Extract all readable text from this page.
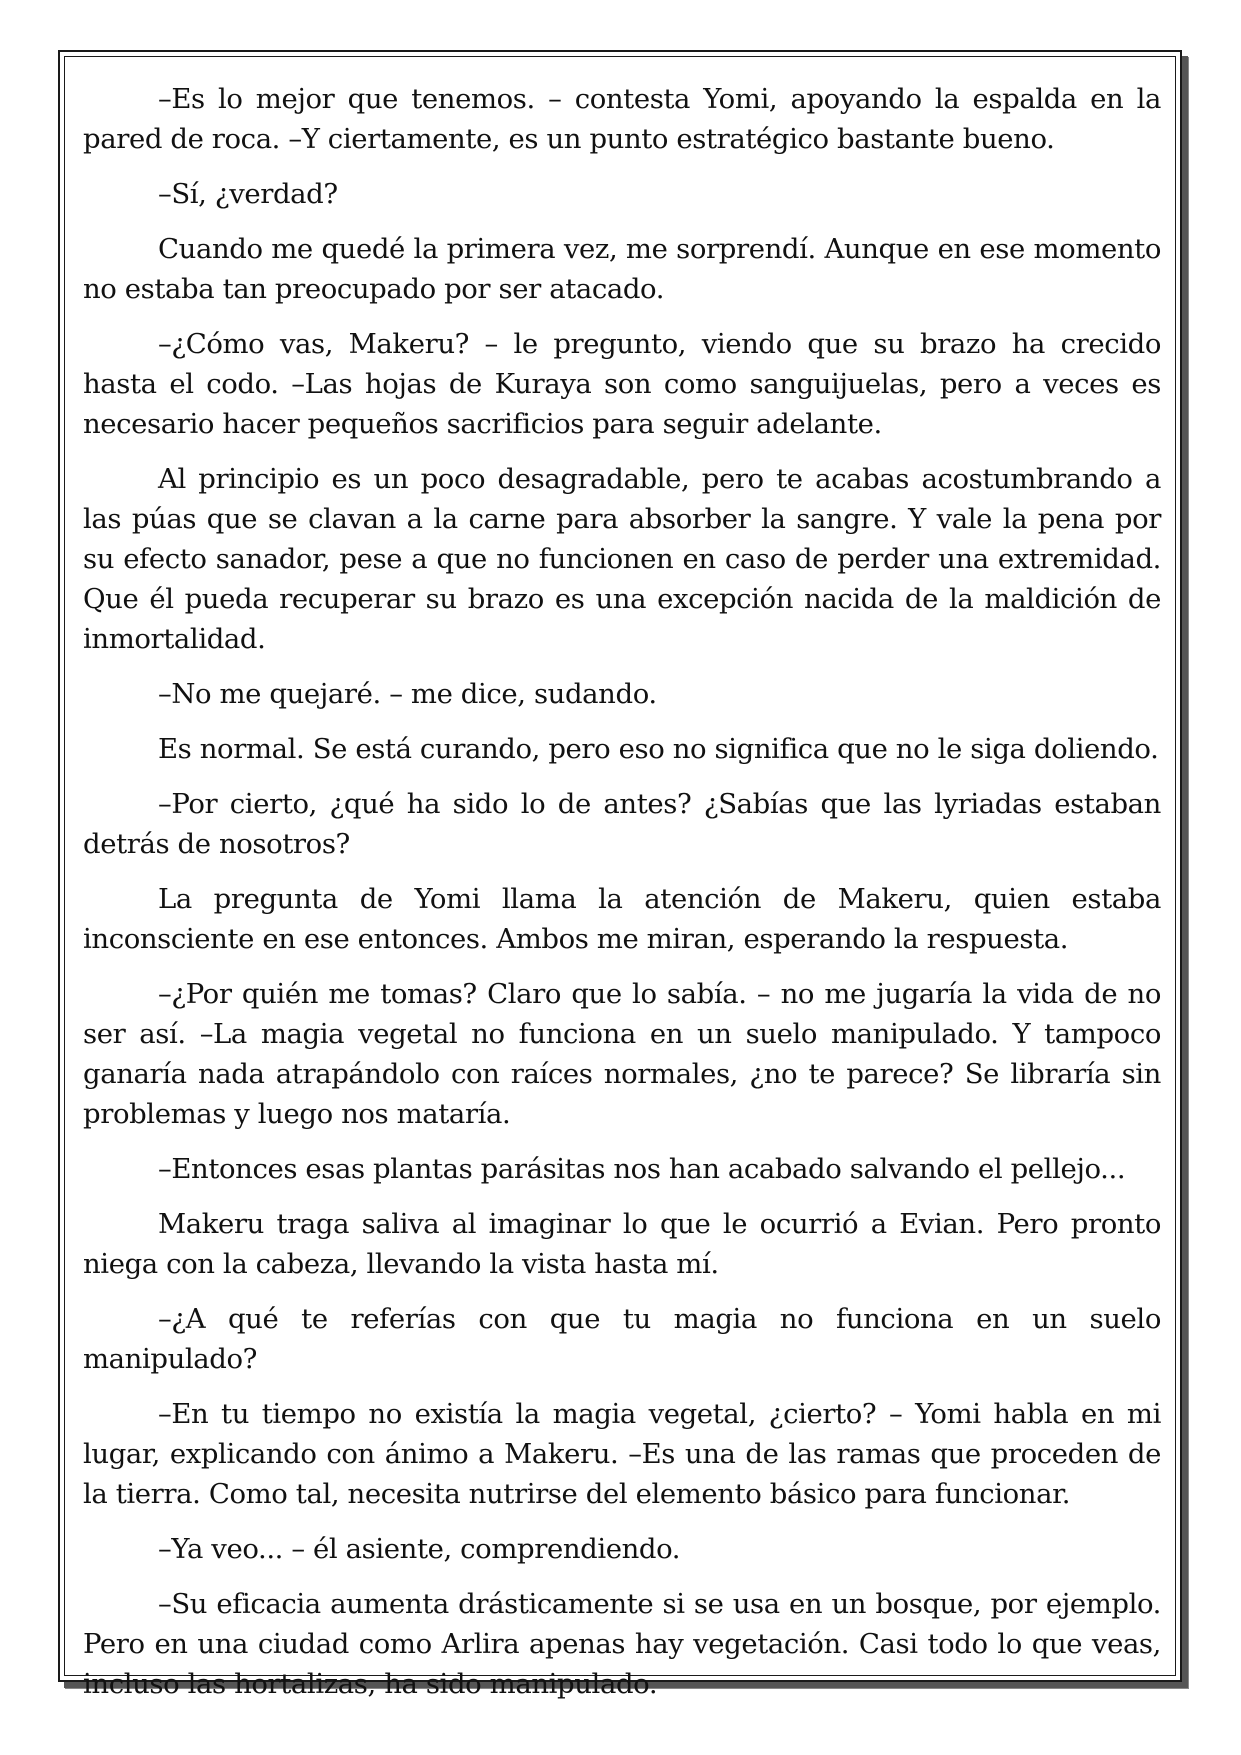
–Es lo mejor que tenemos. – contesta Yomi, apoyando la espalda en la pared de roca. –Y ciertamente, es un punto estratégico bastante bueno.

–Sí, ¿verdad?

Cuando me quedé la primera vez, me sorprendí. Aunque en ese momento no estaba tan preocupado por ser atacado.

–¿Cómo vas, Makeru? – le pregunto, viendo que su brazo ha crecido hasta el codo. –Las hojas de Kuraya son como sanguijuelas, pero a veces es necesario hacer pequeños sacrificios para seguir adelante.

Al principio es un poco desagradable, pero te acabas acostumbrando a las púas que se clavan a la carne para absorber la sangre. Y vale la pena por su efecto sanador, pese a que no funcionen en caso de perder una extremidad. Que él pueda recuperar su brazo es una excepción nacida de la maldición de inmortalidad.

–No me quejaré. – me dice, sudando.

Es normal. Se está curando, pero eso no significa que no le siga doliendo.

–Por cierto, ¿qué ha sido lo de antes? ¿Sabías que las lyriadas estaban detrás de nosotros?

La pregunta de Yomi llama la atención de Makeru, quien estaba inconsciente en ese entonces. Ambos me miran, esperando la respuesta.

–¿Por quién me tomas? Claro que lo sabía. – no me jugaría la vida de no ser así. –La magia vegetal no funciona en un suelo manipulado. Y tampoco ganaría nada atrapándolo con raíces normales, ¿no te parece? Se libraría sin problemas y luego nos mataría.

–Entonces esas plantas parásitas nos han acabado salvando el pellejo...

Makeru traga saliva al imaginar lo que le ocurrió a Evian. Pero pronto niega con la cabeza, llevando la vista hasta mí.

–¿A qué te referías con que tu magia no funciona en un suelo manipulado?

–En tu tiempo no existía la magia vegetal, ¿cierto? – Yomi habla en mi lugar, explicando con ánimo a Makeru. –Es una de las ramas que proceden de la tierra. Como tal, necesita nutrirse del elemento básico para funcionar.

–Ya veo... – él asiente, comprendiendo.

–Su eficacia aumenta drásticamente si se usa en un bosque, por ejemplo. Pero en una ciudad como Arlira apenas hay vegetación. Casi todo lo que veas, incluso las hortalizas, ha sido manipulado.
